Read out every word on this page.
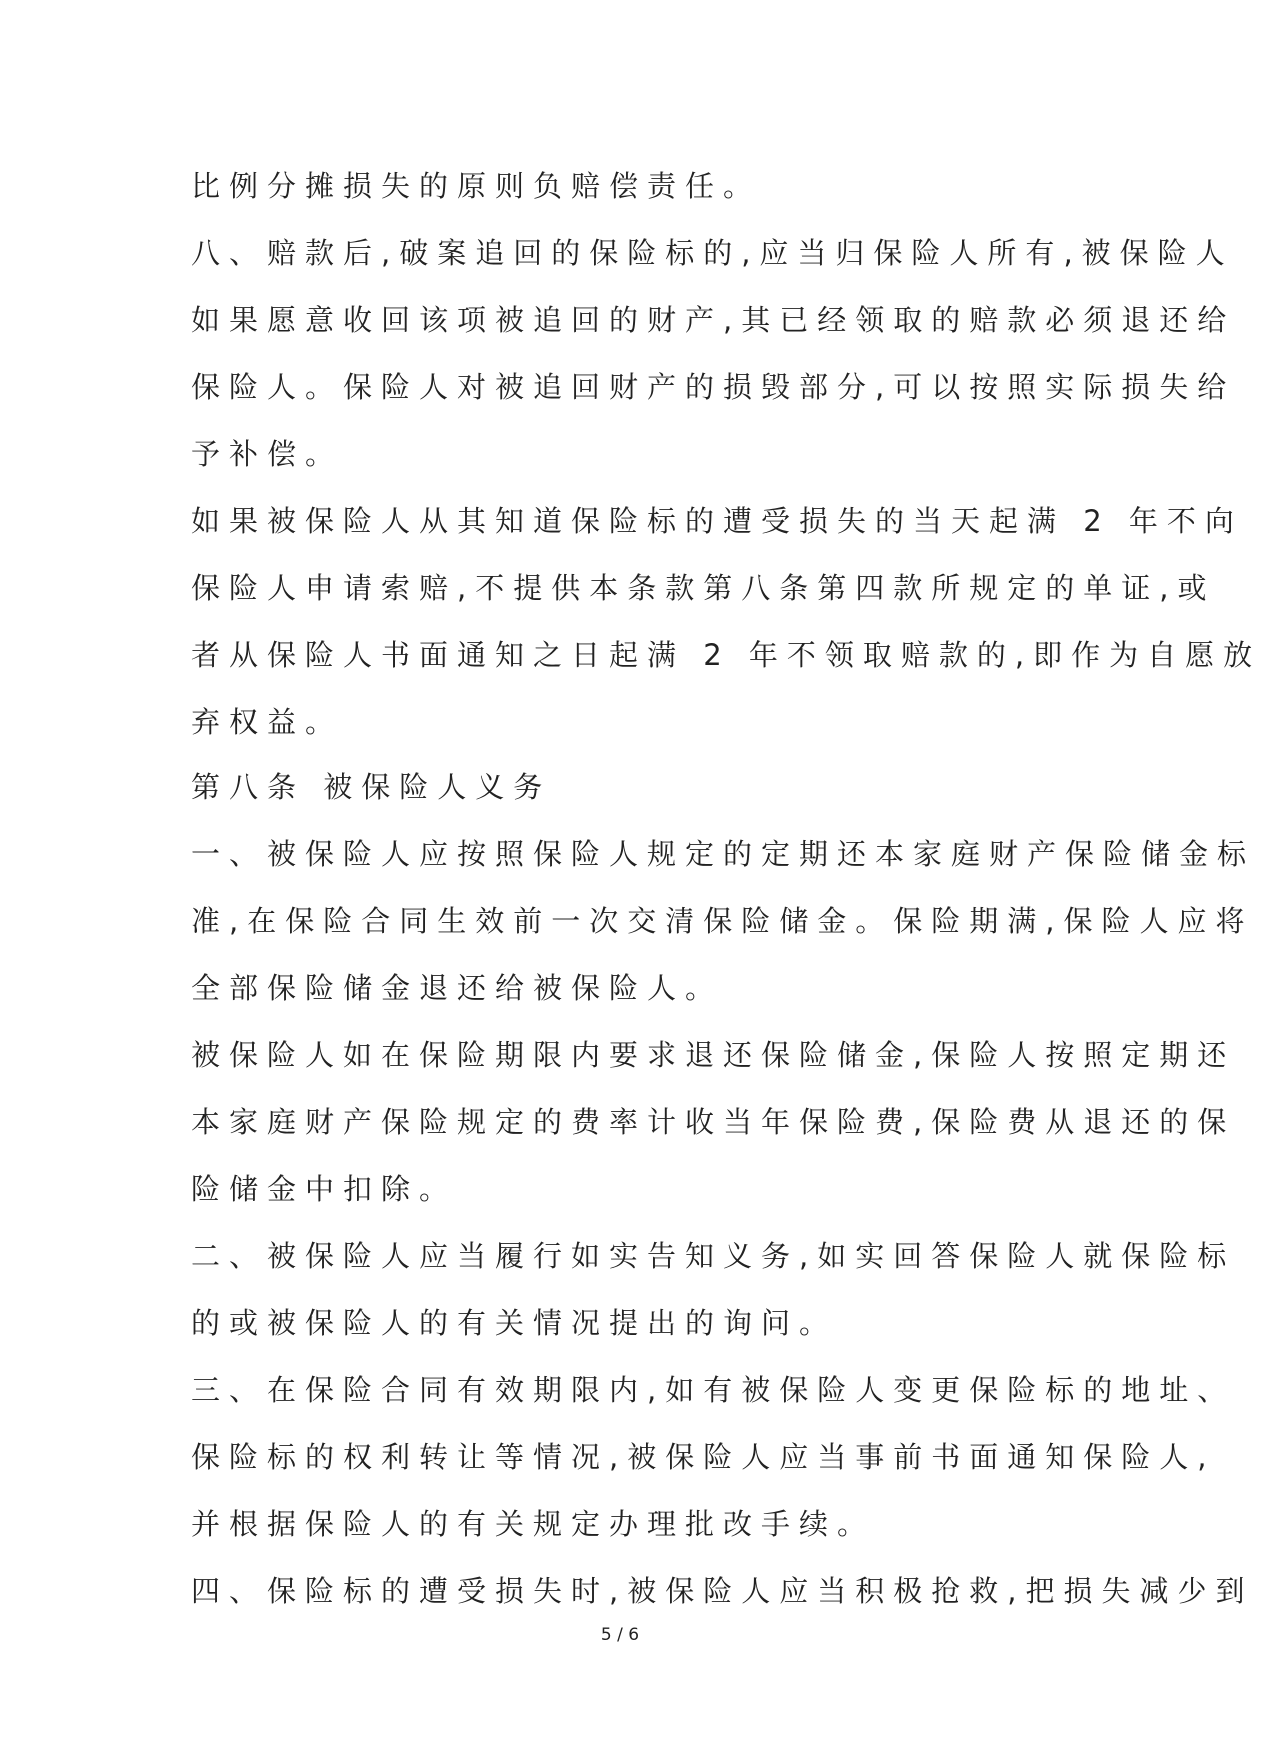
比例分摊损失的原则负赔偿责任。
八、赔款后,破案追回的保险标的,应当归保险人所有,被保险人
如果愿意收回该项被追回的财产,其已经领取的赔款必须退还给
保险人。保险人对被追回财产的损毁部分,可以按照实际损失给
予补偿。
如果被保险人从其知道保险标的遭受损失的当天起满 2 年不向
保险人申请索赔,不提供本条款第八条第四款所规定的单证,或
者从保险人书面通知之日起满 2 年不领取赔款的,即作为自愿放
弃权益。
第八条 被保险人义务
一、被保险人应按照保险人规定的定期还本家庭财产保险储金标
准,在保险合同生效前一次交清保险储金。保险期满,保险人应将
全部保险储金退还给被保险人。
被保险人如在保险期限内要求退还保险储金,保险人按照定期还
本家庭财产保险规定的费率计收当年保险费,保险费从退还的保
险储金中扣除。
二、被保险人应当履行如实告知义务,如实回答保险人就保险标
的或被保险人的有关情况提出的询问。
三、在保险合同有效期限内,如有被保险人变更保险标的地址、
保险标的权利转让等情况,被保险人应当事前书面通知保险人,
并根据保险人的有关规定办理批改手续。
四、保险标的遭受损失时,被保险人应当积极抢救,把损失减少到
5 / 6
